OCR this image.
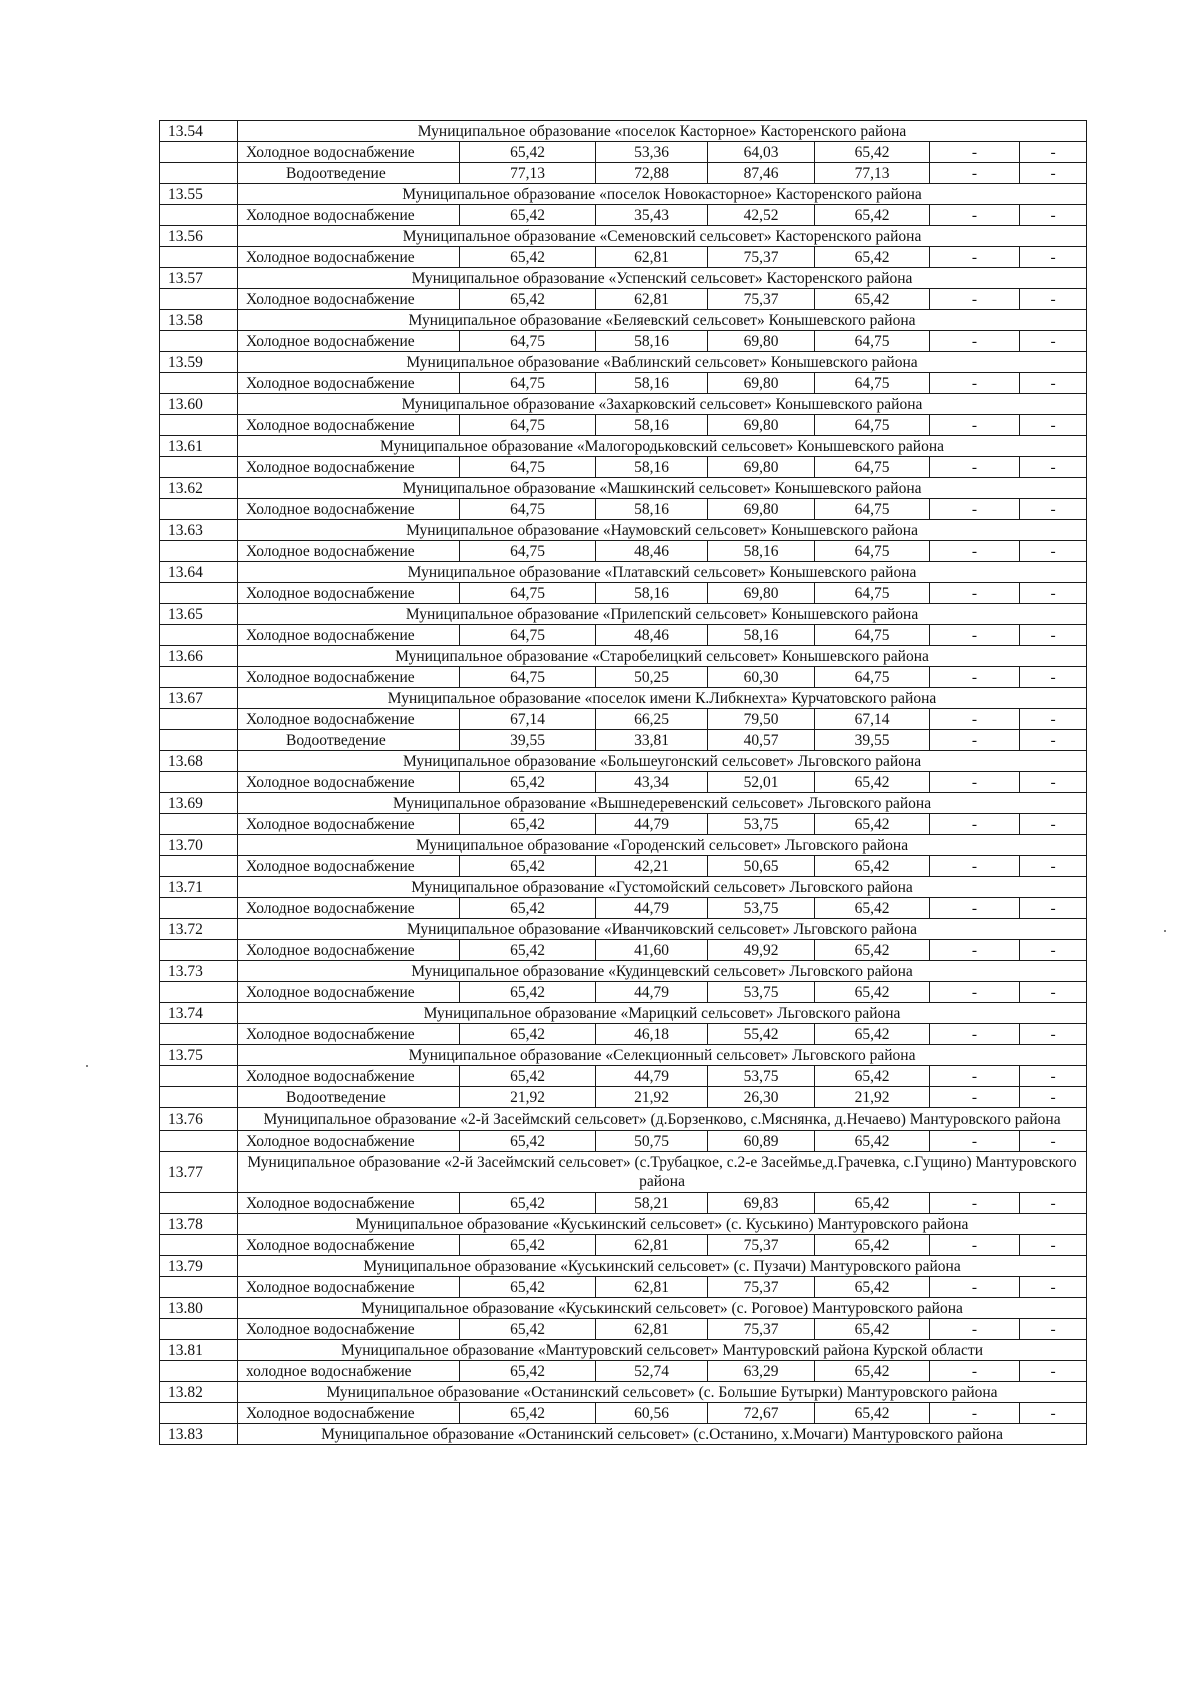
13.54	Муниципальное образование «поселок Касторное» Касторенского района						
	Холодное водоснабжение	65,42	53,36	64,03	65,42	-	-
	Водоотведение	77,13	72,88	87,46	77,13	-	-
13.55	Муниципальное образование «поселок Новокасторное» Касторенского района						
	Холодное водоснабжение	65,42	35,43	42,52	65,42	-	-
13.56	Муниципальное образование «Семеновский сельсовет» Касторенского района						
	Холодное водоснабжение	65,42	62,81	75,37	65,42	-	-
13.57	Муниципальное образование «Успенский сельсовет» Касторенского района						
	Холодное водоснабжение	65,42	62,81	75,37	65,42	-	-
13.58	Муниципальное образование «Беляевский сельсовет» Конышевского района						
	Холодное водоснабжение	64,75	58,16	69,80	64,75	-	-
13.59	Муниципальное образование «Ваблинский сельсовет» Конышевского района						
	Холодное водоснабжение	64,75	58,16	69,80	64,75	-	-
13.60	Муниципальное образование «Захарковский сельсовет» Конышевского района						
	Холодное водоснабжение	64,75	58,16	69,80	64,75	-	-
13.61	Муниципальное образование «Малогородьковский сельсовет» Конышевского района						
	Холодное водоснабжение	64,75	58,16	69,80	64,75	-	-
13.62	Муниципальное образование «Машкинский сельсовет» Конышевского района						
	Холодное водоснабжение	64,75	58,16	69,80	64,75	-	-
13.63	Муниципальное образование «Наумовский сельсовет» Конышевского района						
	Холодное водоснабжение	64,75	48,46	58,16	64,75	-	-
13.64	Муниципальное образование «Платавский сельсовет» Конышевского района						
	Холодное водоснабжение	64,75	58,16	69,80	64,75	-	-
13.65	Муниципальное образование «Прилепский сельсовет» Конышевского района						
	Холодное водоснабжение	64,75	48,46	58,16	64,75	-	-
13.66	Муниципальное образование «Старобелицкий сельсовет» Конышевского района						
	Холодное водоснабжение	64,75	50,25	60,30	64,75	-	-
13.67	Муниципальное образование «поселок имени К.Либкнехта» Курчатовского района						
	Холодное водоснабжение	67,14	66,25	79,50	67,14	-	-
	Водоотведение	39,55	33,81	40,57	39,55	-	-
13.68	Муниципальное образование «Большеугонский сельсовет» Льговского района						
	Холодное водоснабжение	65,42	43,34	52,01	65,42	-	-
13.69	Муниципальное образование «Вышнедеревенский сельсовет» Льговского района						
	Холодное водоснабжение	65,42	44,79	53,75	65,42	-	-
13.70	Муниципальное образование «Городенский сельсовет» Льговского района						
	Холодное водоснабжение	65,42	42,21	50,65	65,42	-	-
13.71	Муниципальное образование «Густомойский сельсовет» Льговского района						
	Холодное водоснабжение	65,42	44,79	53,75	65,42	-	-
13.72	Муниципальное образование «Иванчиковский сельсовет» Льговского района						
	Холодное водоснабжение	65,42	41,60	49,92	65,42	-	-
13.73	Муниципальное образование «Кудинцевский сельсовет» Льговского района						
	Холодное водоснабжение	65,42	44,79	53,75	65,42	-	-
13.74	Муниципальное образование «Марицкий сельсовет» Льговского района						
	Холодное водоснабжение	65,42	46,18	55,42	65,42	-	-
13.75	Муниципальное образование «Селекционный сельсовет» Льговского района						
	Холодное водоснабжение	65,42	44,79	53,75	65,42	-	-
	Водоотведение	21,92	21,92	26,30	21,92	-	-
13.76	Муниципальное образование «2-й Засеймский сельсовет» (д.Борзенково, с.Мяснянка, д.Нечаево) Мантуровского района						
	Холодное водоснабжение	65,42	50,75	60,89	65,42	-	-
13.77	Муниципальное образование «2-й Засеймский сельсовет» (с.Трубацкое, с.2-е Засеймье,д.Грачевка, с.Гущино) Мантуровского района						
	Холодное водоснабжение	65,42	58,21	69,83	65,42	-	-
13.78	Муниципальное образование «Куськинский сельсовет» (с. Куськино) Мантуровского района						
	Холодное водоснабжение	65,42	62,81	75,37	65,42	-	-
13.79	Муниципальное образование «Куськинский сельсовет» (с. Пузачи) Мантуровского района						
	Холодное водоснабжение	65,42	62,81	75,37	65,42	-	-
13.80	Муниципальное образование «Куськинский сельсовет» (с. Роговое) Мантуровского района						
	Холодное водоснабжение	65,42	62,81	75,37	65,42	-	-
13.81	Муниципальное образование «Мантуровский сельсовет» Мантуровский района Курской области						
	холодное водоснабжение	65,42	52,74	63,29	65,42	-	-
13.82	Муниципальное образование «Останинский сельсовет» (с. Большие Бутырки) Мантуровского района						
	Холодное водоснабжение	65,42	60,56	72,67	65,42	-	-
13.83	Муниципальное образование «Останинский сельсовет» (с.Останино, х.Мочаги) Мантуровского района						
